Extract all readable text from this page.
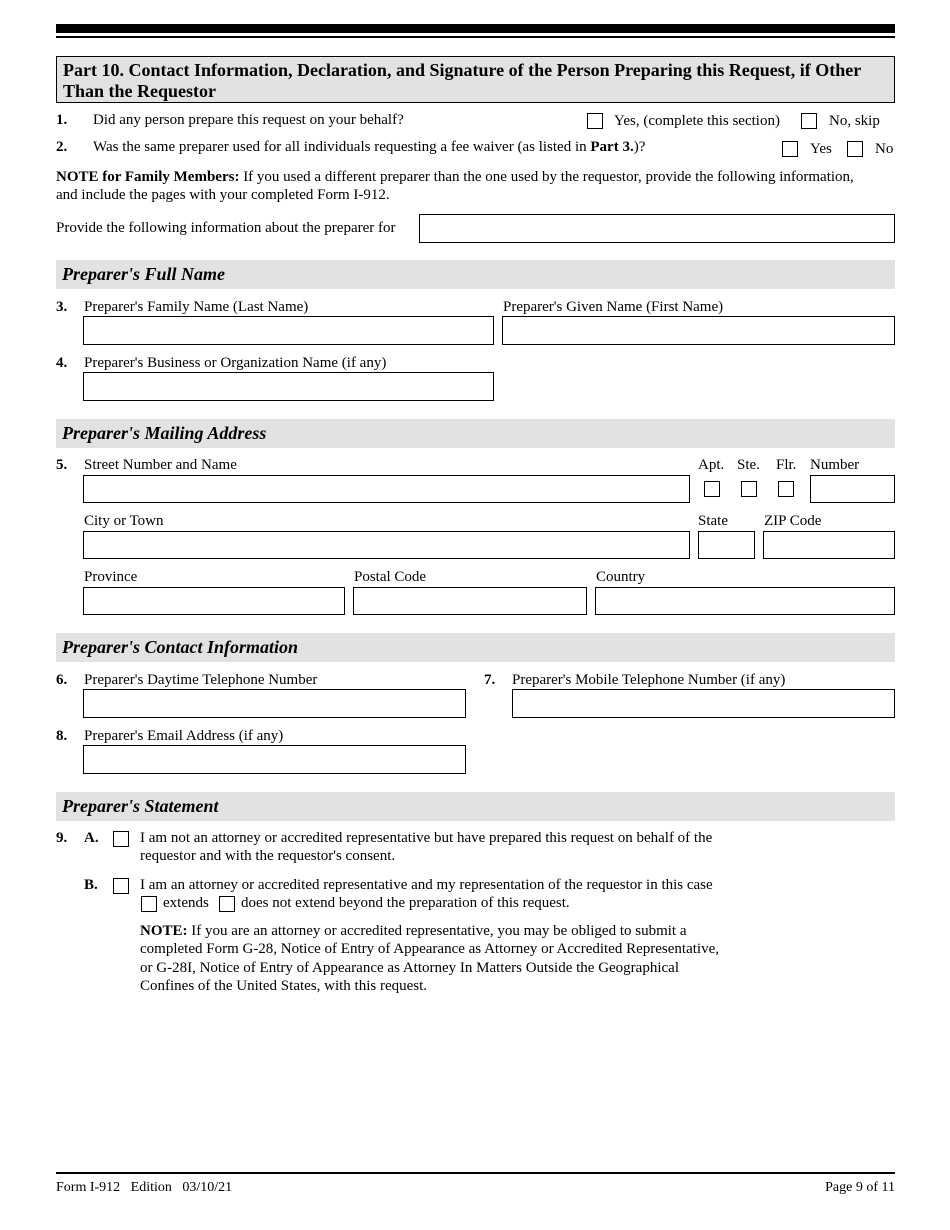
Part 10. Contact Information, Declaration, and Signature of the Person Preparing this Request, if Other
Than the Requestor
1. Did any person prepare this request on your behalf?	Yes, (complete this section)	No, skip
2. Was the same preparer used for all individuals requesting a fee waiver (as listed in Part 3.)?	Yes	No
NOTE for Family Members: If you used a different preparer than the one used by the requestor, provide the following information,
and include the pages with your completed Form I-912.
Provide the following information about the preparer for
Preparer's Full Name
3. Preparer's Family Name (Last Name)	Preparer's Given Name (First Name)
4. Preparer's Business or Organization Name (if any)
Preparer's Mailing Address
5. Street Number and Name	Apt. Ste. Flr. Number
City or Town	State ZIP Code
Province	Postal Code	Country
Preparer's Contact Information
6. Preparer's Daytime Telephone Number	7. Preparer's Mobile Telephone Number (if any)
8. Preparer's Email Address (if any)
Preparer's Statement
9. A.	I am not an attorney or accredited representative but have prepared this request on behalf of the
requestor and with the requestor's consent.
B.	I am an attorney or accredited representative and my representation of the requestor in this case
extends does not extend beyond the preparation of this request.
NOTE: If you are an attorney or accredited representative, you may be obliged to submit a
completed Form G-28, Notice of Entry of Appearance as Attorney or Accredited Representative,
or G-28I, Notice of Entry of Appearance as Attorney In Matters Outside the Geographical
Confines of the United States, with this request.
Form I-912   Edition   03/10/21	Page 9 of 11
